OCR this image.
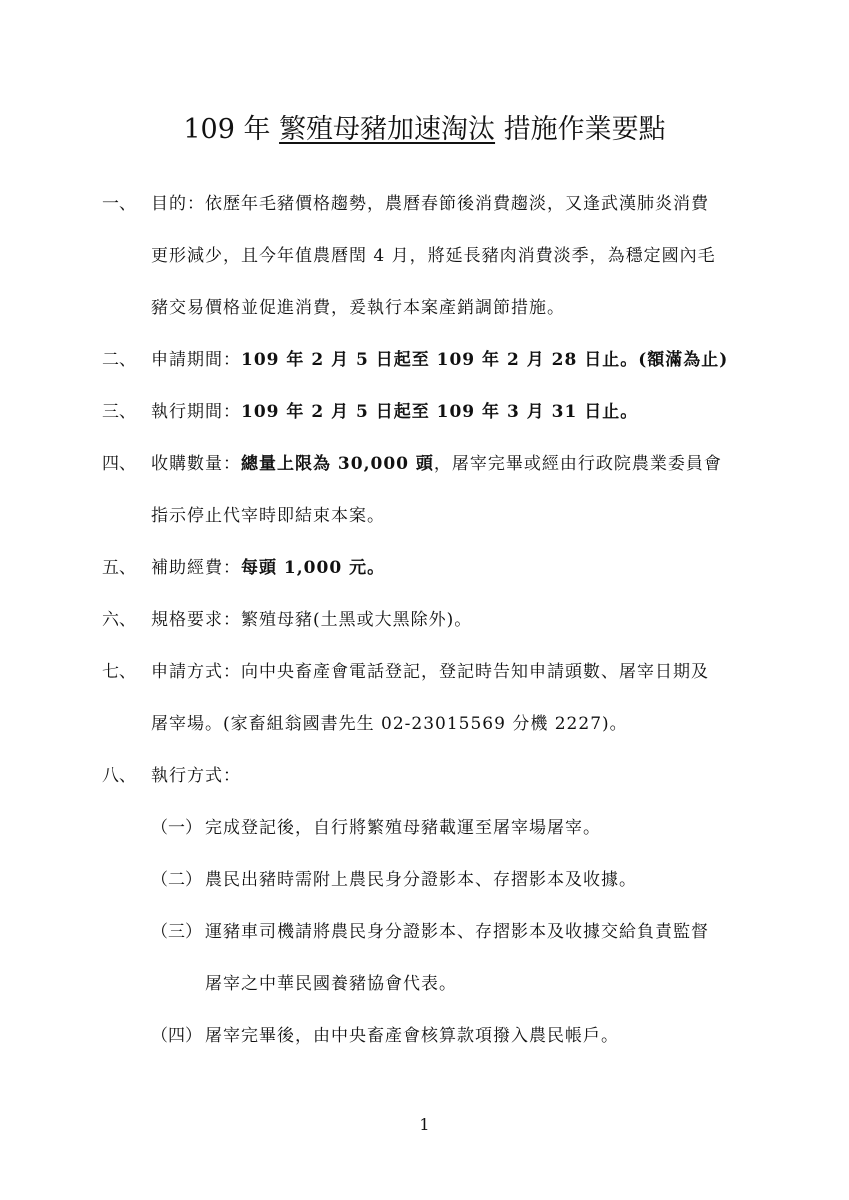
109 年 繁殖母豬加速淘汰 措施作業要點
一、 目的：依歷年毛豬價格趨勢，農曆春節後消費趨淡，又逢武漢肺炎消費
更形減少，且今年值農曆閏 4 月，將延長豬肉消費淡季，為穩定國內毛
豬交易價格並促進消費，爰執行本案產銷調節措施。
二、 申請期間：109 年 2 月 5 日起至 109 年 2 月 28 日止。(額滿為止)
三、 執行期間：109 年 2 月 5 日起至 109 年 3 月 31 日止。
四、 收購數量：總量上限為 30,000 頭，屠宰完畢或經由行政院農業委員會
指示停止代宰時即結束本案。
五、 補助經費：每頭 1,000 元。
六、 規格要求：繁殖母豬(土黑或大黑除外)。
七、 申請方式：向中央畜產會電話登記，登記時告知申請頭數、屠宰日期及
屠宰場。(家畜組翁國書先生 02-23015569 分機 2227)。
八、 執行方式：
（一） 完成登記後，自行將繁殖母豬載運至屠宰場屠宰。
（二） 農民出豬時需附上農民身分證影本、存摺影本及收據。
（三） 運豬車司機請將農民身分證影本、存摺影本及收據交給負責監督
屠宰之中華民國養豬協會代表。
（四） 屠宰完畢後，由中央畜產會核算款項撥入農民帳戶。
1
